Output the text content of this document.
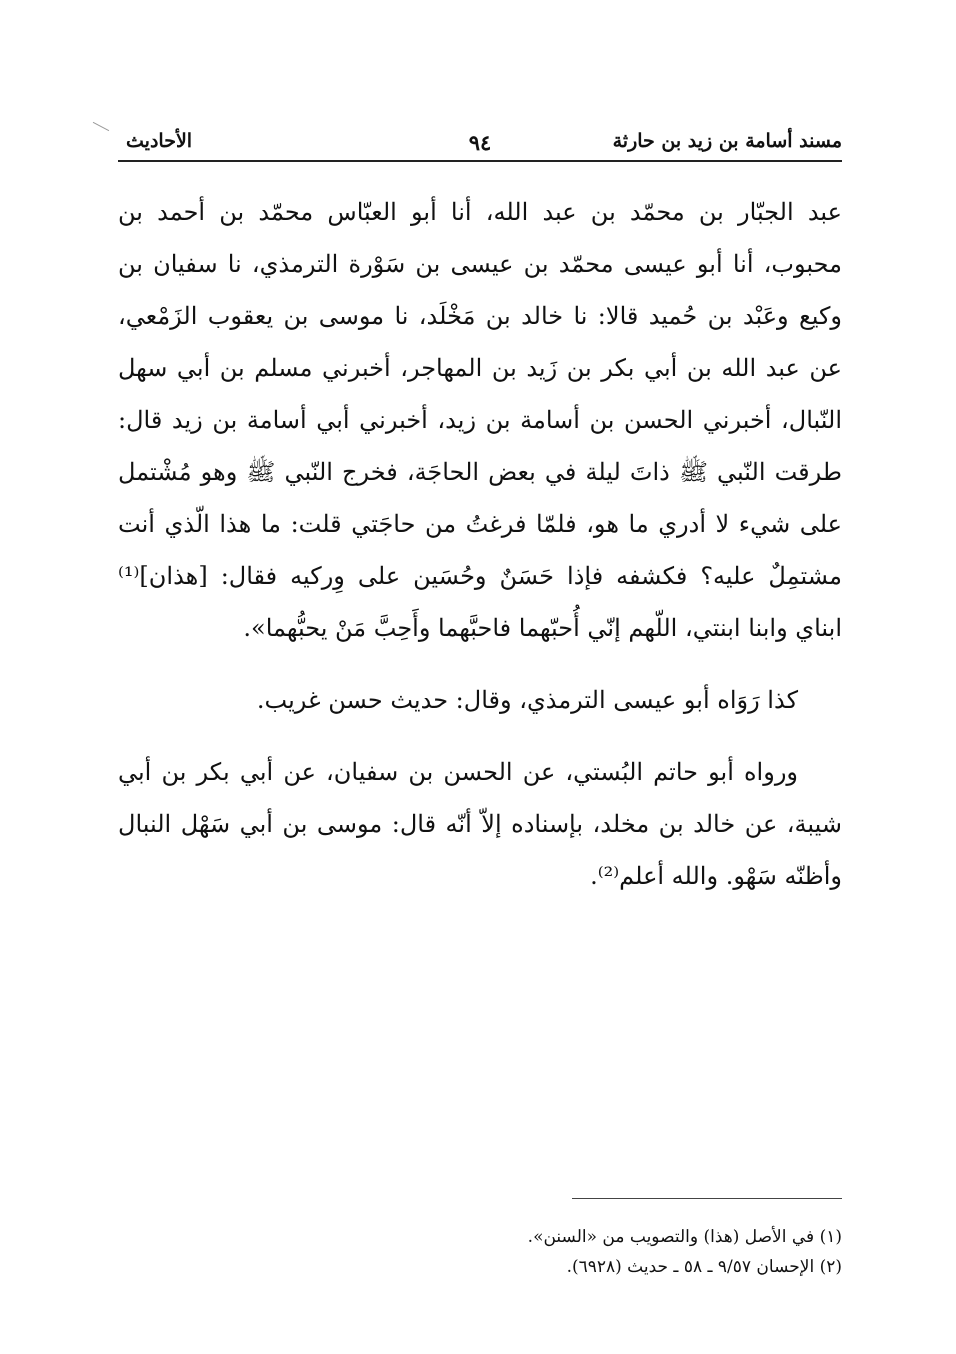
مسند أسامة بن زيد بن حارثة
٩٤
الأحاديث

عبد الجبّار بن محمّد بن عبد الله، أنا أبو العبّاس محمّد بن أحمد بن محبوب، أنا أبو عيسى محمّد بن عيسى بن سَوْرة الترمذي، نا سفيان بن وكيع وعَبْد بن حُميد قالا: نا خالد بن مَخْلَد، نا موسى بن يعقوب الزَمْعي، عن عبد الله بن أبي بكر بن زَيد بن المهاجر، أخبرني مسلم بن أبي سهل النّبال، أخبرني الحسن بن أسامة بن زيد، أخبرني أبي أسامة بن زيد قال: طرقت النّبي ﷺ ذاتَ ليلة في بعض الحاجَة، فخرج النّبي ﷺ وهو مُشْتمل على شيء لا أدري ما هو، فلمّا فرغتُ من حاجَتي قلت: ما هذا الّذي أنت مشتمِلٌ عليه؟ فكشفه فإذا حَسَنٌ وحُسَين على وِركيه فقال: [هذان]⁽¹⁾ ابناي وابنا ابنتي، اللّهم إنّي أُحبّهما فاحبَّهما وأَحِبَّ مَنْ يحبُّهما».

كذا رَوَاه أبو عيسى الترمذي، وقال: حديث حسن غريب.

ورواه أبو حاتم البُستي، عن الحسن بن سفيان، عن أبي بكر بن أبي شيبة، عن خالد بن مخلد، بإسناده إلاّ أنّه قال: موسى بن أبي سَهْل النبال وأظنّه سَهْو. والله أعلم⁽²⁾.

(١) في الأصل (هذا) والتصويب من «السنن».
(٢) الإحسان ٩/٥٧ ـ ٥٨ ـ حديث (٦٩٢٨).
